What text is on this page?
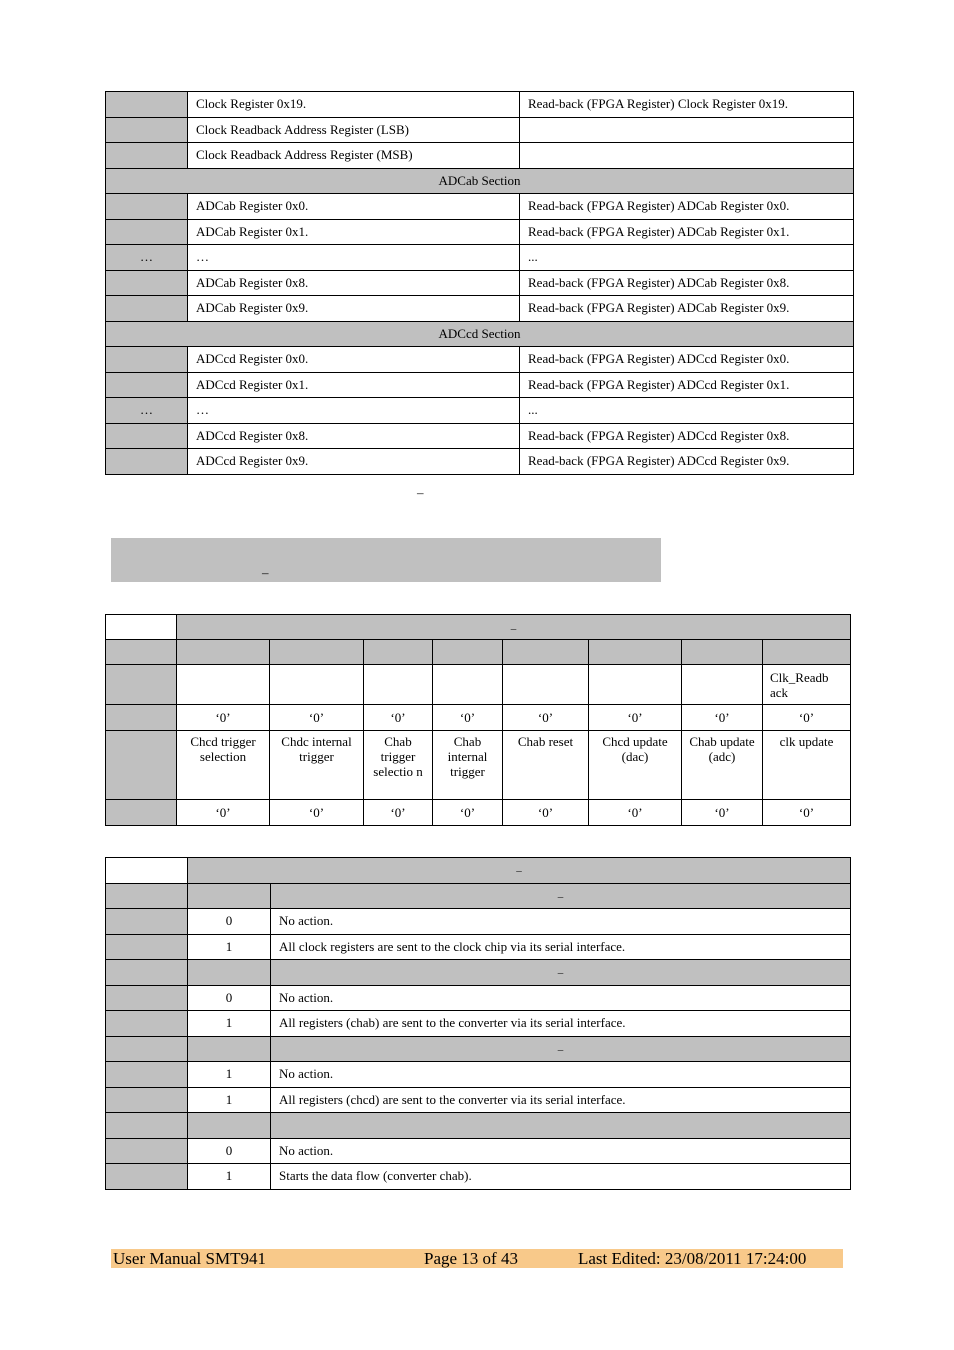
	Clock Register 0x19.	Read-back (FPGA Register) Clock Register 0x19.
	Clock Readback Address Register (LSB)	
	Clock Readback Address Register (MSB)	
ADCab Section		
	ADCab Register 0x0.	Read-back (FPGA Register) ADCab Register 0x0.
	ADCab Register 0x1.	Read-back (FPGA Register) ADCab Register 0x1.
…	…	...
	ADCab Register 0x8.	Read-back (FPGA Register) ADCab Register 0x8.
	ADCab Register 0x9.	Read-back (FPGA Register) ADCab Register 0x9.
ADCcd Section		
	ADCcd Register 0x0.	Read-back (FPGA Register) ADCcd Register 0x0.
	ADCcd Register 0x1.	Read-back (FPGA Register) ADCcd Register 0x1.
…	…	...
	ADCcd Register 0x8.	Read-back (FPGA Register) ADCcd Register 0x8.
	ADCcd Register 0x9.	Read-back (FPGA Register) ADCcd Register 0x9.
–
–
	–							

								Clk_Readb ack
	‘0’	‘0’	‘0’	‘0’	‘0’	‘0’	‘0’	‘0’
	Chcd trigger selection	Chdc internal trigger	Chab trigger selectio n	Chab internal trigger	Chab reset	Chcd update (dac)	Chab update (adc)	clk update
	‘0’	‘0’	‘0’	‘0’	‘0’	‘0’	‘0’	‘0’
	–	
		–
	0	No action.
	1	All clock registers are sent to the clock chip via its serial interface.
		–
	0	No action.
	1	All registers (chab) are sent to the converter via its serial interface.
		–
	1	No action.
	1	All registers (chcd) are sent to the converter via its serial interface.

	0	No action.
	1	Starts the data flow (converter chab).
User Manual SMT941	Page 13 of 43	Last Edited: 23/08/2011 17:24:00
